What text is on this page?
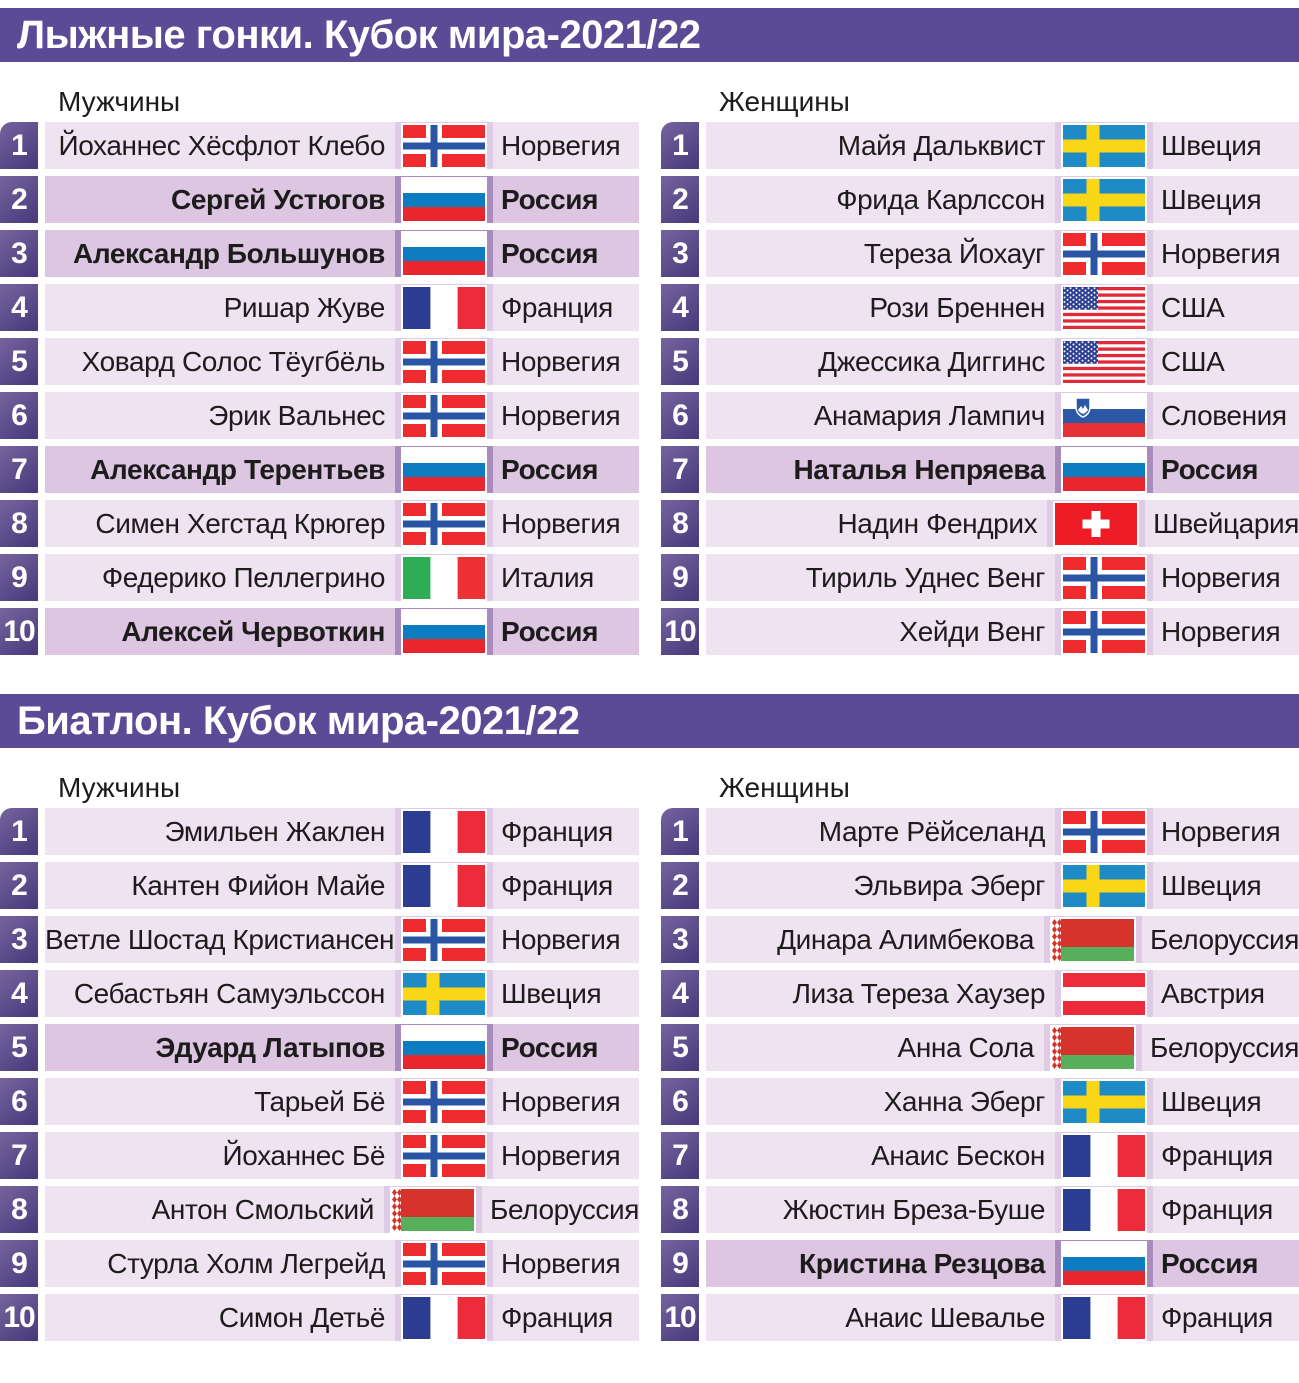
Лыжные гонки. Кубок мира-2021/22
Мужчины
1	Йоханнес Хёсфлот Клебо	Норвегия
2	Сергей Устюгов	Россия
3	Александр Большунов	Россия
4	Ришар Жуве	Франция
5	Ховард Солос Тёугбёль	Норвегия
6	Эрик Вальнес	Норвегия
7	Александр Терентьев	Россия
8	Симен Хегстад Крюгер	Норвегия
9	Федерико Пеллегрино	Италия
10	Алексей Червоткин	Россия
Женщины
1	Майя Дальквист	Швеция
2	Фрида Карлссон	Швеция
3	Тереза Йохауг	Норвегия
4	Рози Бреннен	США
5	Джессика Диггинс	США
6	Анамария Лампич	Словения
7	Наталья Непряева	Россия
8	Надин Фендрих	Швейцария
9	Тириль Уднес Венг	Норвегия
10	Хейди Венг	Норвегия
Биатлон. Кубок мира-2021/22
Мужчины
1	Эмильен Жаклен	Франция
2	Кантен Фийон Майе	Франция
3 Ветле Шостад Кристиансен	Норвегия
4	Себастьян Самуэльссон	Швеция
5	Эдуард Латыпов	Россия
6	Тарьей Бё	Норвегия
7	Йоханнес Бё	Норвегия
8	Антон Смольский	Белоруссия
9	Стурла Холм Легрейд	Норвегия
10	Симон Детьё	Франция
Женщины
1	Марте Рёйселанд	Норвегия
2	Эльвира Эберг	Швеция
3	Динара Алимбекова	Белоруссия
4	Лиза Тереза Хаузер	Австрия
5	Анна Сола	Белоруссия
6	Ханна Эберг	Швеция
7	Анаис Бескон	Франция
8	Жюстин Бреза-Буше	Франция
9	Кристина Резцова	Россия
10	Анаис Шевалье	Франция
